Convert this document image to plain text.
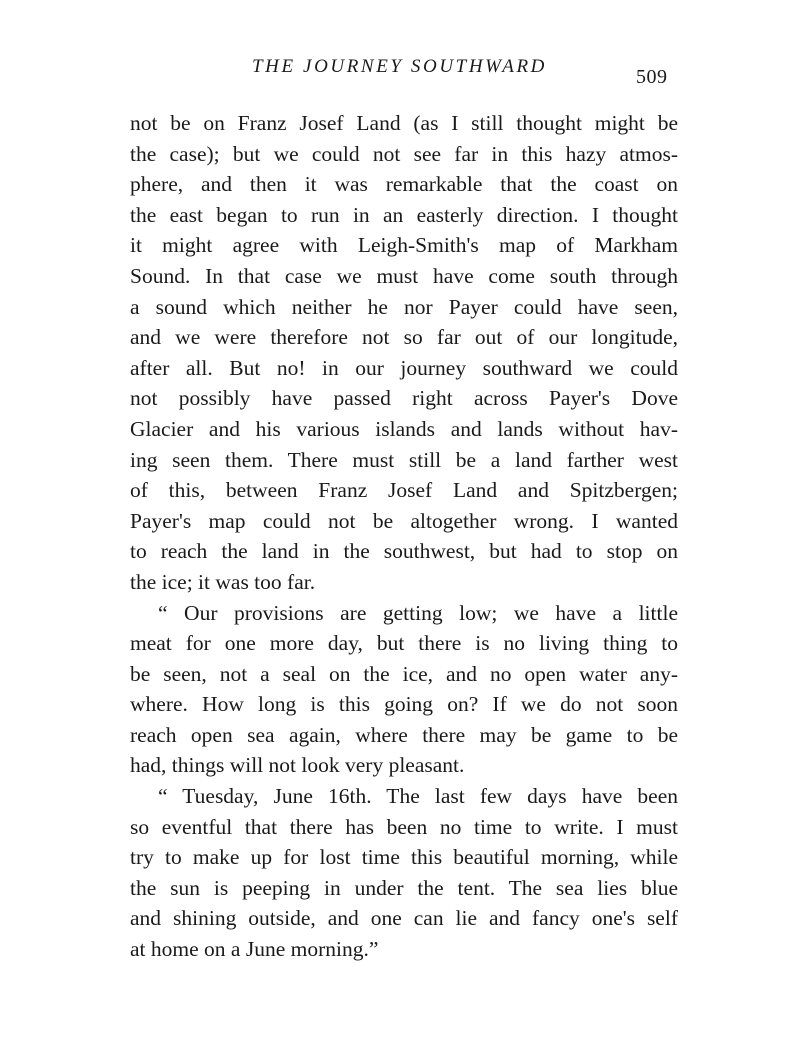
THE JOURNEY SOUTHWARD	509
not be on Franz Josef Land (as I still thought might be
the case); but we could not see far in this hazy atmos-
phere, and then it was remarkable that the coast on
the east began to run in an easterly direction. I thought
it might agree with Leigh-Smith's map of Markham
Sound. In that case we must have come south through
a sound which neither he nor Payer could have seen,
and we were therefore not so far out of our longitude,
after all. But no! in our journey southward we could
not possibly have passed right across Payer's Dove
Glacier and his various islands and lands without hav-
ing seen them. There must still be a land farther west
of this, between Franz Josef Land and Spitzbergen;
Payer's map could not be altogether wrong. I wanted
to reach the land in the southwest, but had to stop on
the ice; it was too far.
“ Our provisions are getting low; we have a little
meat for one more day, but there is no living thing to
be seen, not a seal on the ice, and no open water any-
where. How long is this going on? If we do not soon
reach open sea again, where there may be game to be
had, things will not look very pleasant.
“ Tuesday, June 16th. The last few days have been
so eventful that there has been no time to write. I must
try to make up for lost time this beautiful morning, while
the sun is peeping in under the tent. The sea lies blue
and shining outside, and one can lie and fancy one's self
at home on a June morning.”
